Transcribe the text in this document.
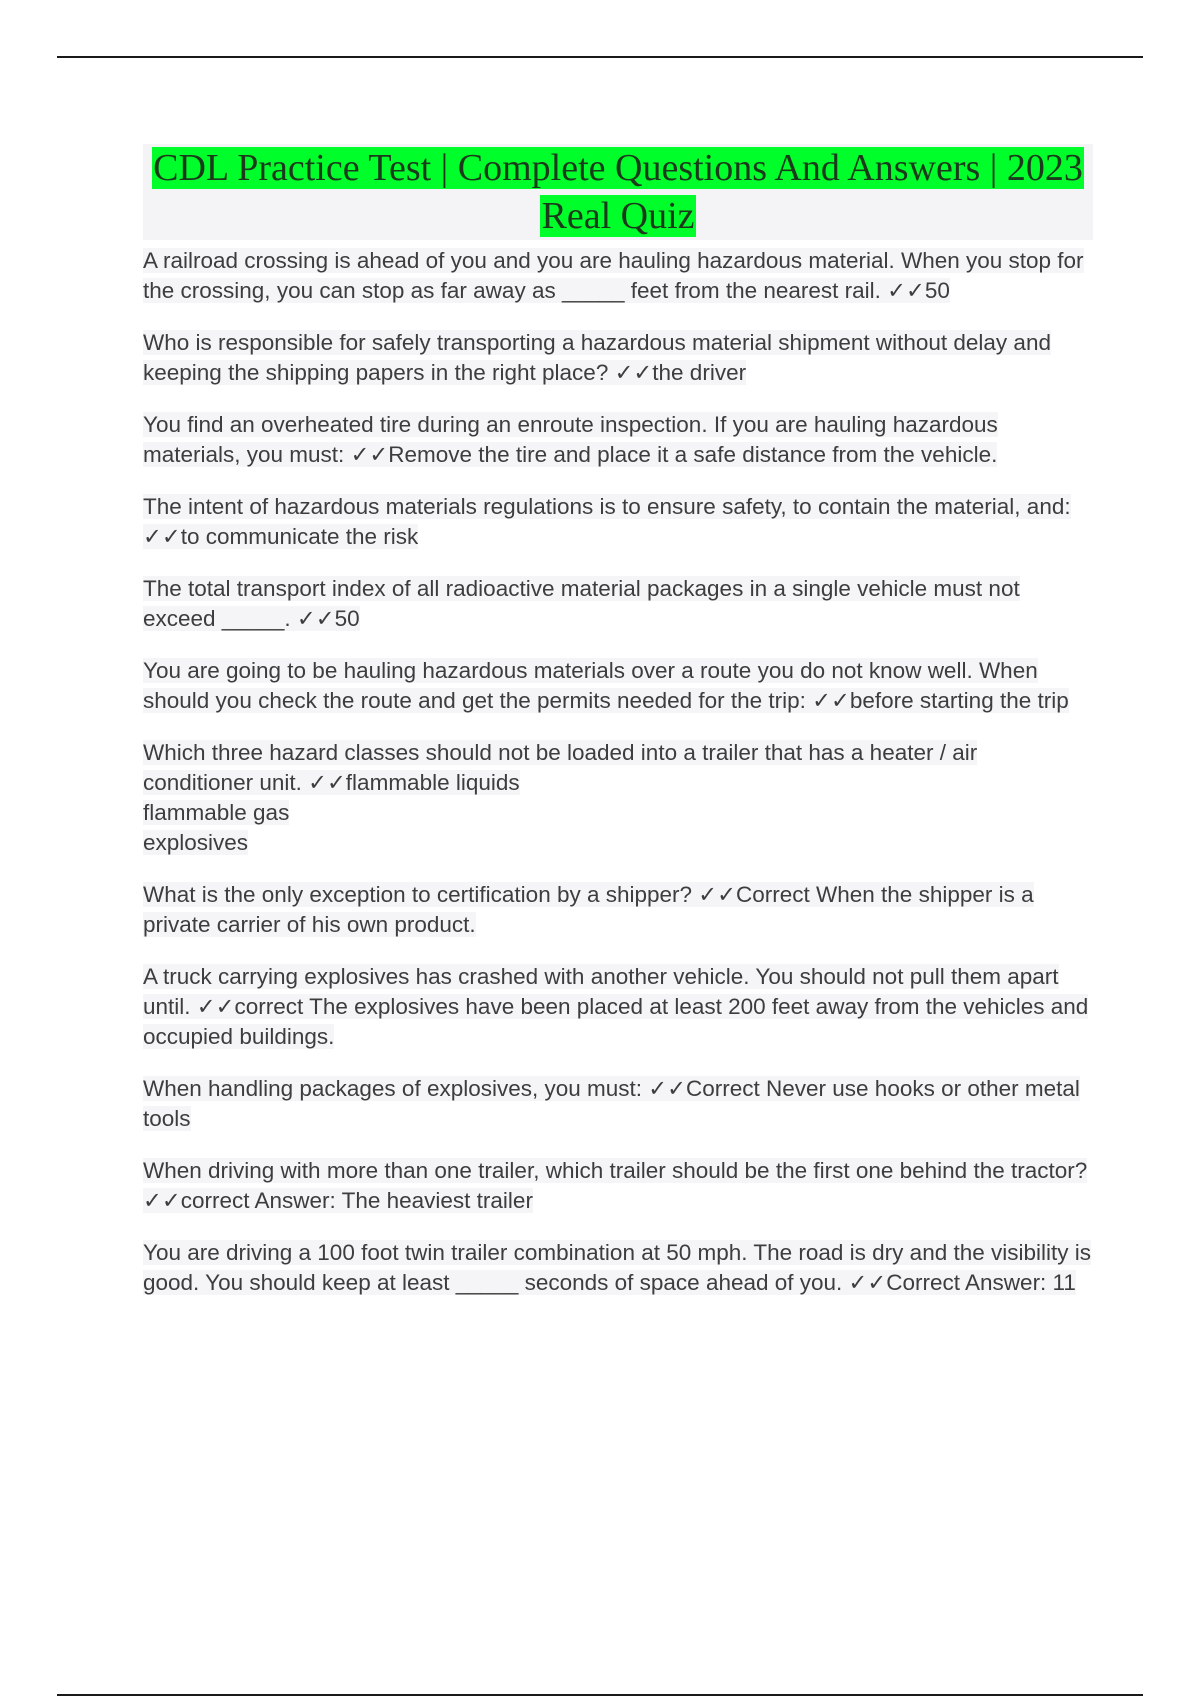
CDL Practice Test | Complete Questions And Answers | 2023 Real Quiz

A railroad crossing is ahead of you and you are hauling hazardous material. When you stop for the crossing, you can stop as far away as _____ feet from the nearest rail. ✓✓50

Who is responsible for safely transporting a hazardous material shipment without delay and keeping the shipping papers in the right place? ✓✓the driver

You find an overheated tire during an enroute inspection. If you are hauling hazardous materials, you must: ✓✓Remove the tire and place it a safe distance from the vehicle.

The intent of hazardous materials regulations is to ensure safety, to contain the material, and: ✓✓to communicate the risk

The total transport index of all radioactive material packages in a single vehicle must not exceed _____. ✓✓50

You are going to be hauling hazardous materials over a route you do not know well. When should you check the route and get the permits needed for the trip: ✓✓before starting the trip

Which three hazard classes should not be loaded into a trailer that has a heater / air conditioner unit. ✓✓flammable liquids
flammable gas
explosives

What is the only exception to certification by a shipper? ✓✓Correct When the shipper is a private carrier of his own product.

A truck carrying explosives has crashed with another vehicle. You should not pull them apart until. ✓✓correct The explosives have been placed at least 200 feet away from the vehicles and occupied buildings.

When handling packages of explosives, you must: ✓✓Correct Never use hooks or other metal tools

When driving with more than one trailer, which trailer should be the first one behind the tractor? ✓✓correct Answer: The heaviest trailer

You are driving a 100 foot twin trailer combination at 50 mph. The road is dry and the visibility is good. You should keep at least _____ seconds of space ahead of you. ✓✓Correct Answer: 11
